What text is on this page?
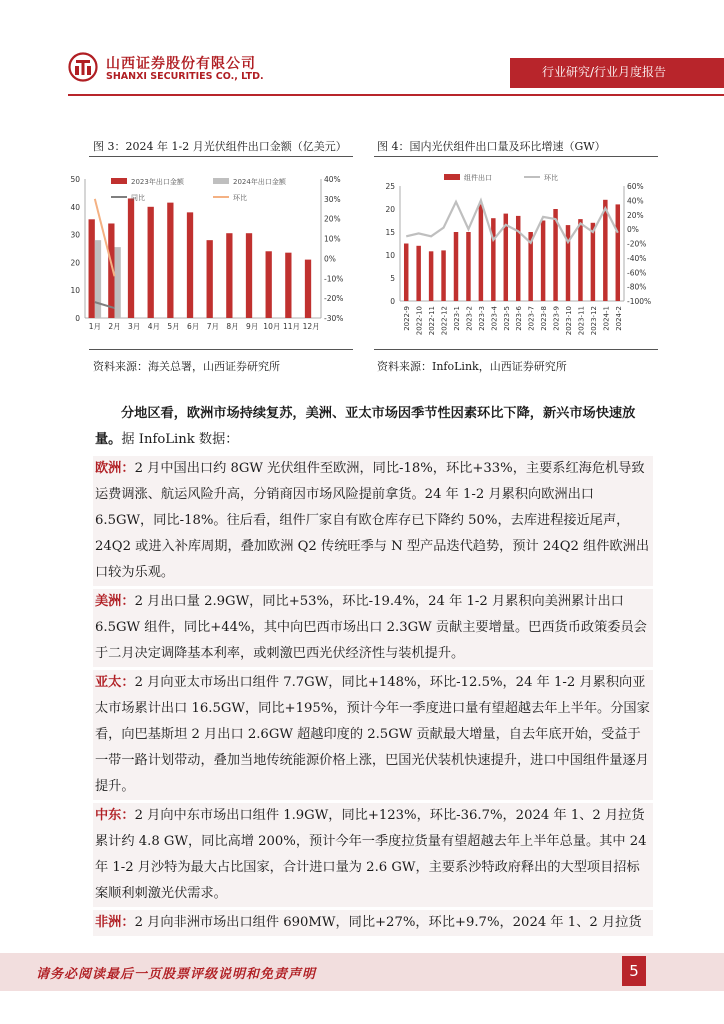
山西证券股份有限公司
SHANXI SECURITIES CO., LTD.	行业研究/行业月度报告
图 3：2024 年 1-2 月光伏组件出口金额（亿美元）
0
10
20
30
40
50
-30%
-20%
-10%
0%
10%
20%
30%
40%
1月 2月 3月 4月 5月 6月 7月 8月 9月 10月 11月 12月
2023年出口金额	2024年出口金额
同比	环比
资料来源：海关总署，山西证券研究所
图 4：国内光伏组件出口量及环比增速（GW）
0
5
10
15
20
25
-100%
-80%
-60%
-40%
-20%
0%
20%
40%
60%
2022-9 2022-10 2022-11 2022-12 2023-1 2023-2 2023-3 2023-4 2023-5 2023-6 2023-7 2023-8 2023-9 2023-10 2023-11 2023-12 2024-1 2024-2
组件出口	环比
资料来源：InfoLink，山西证券研究所
分地区看，欧洲市场持续复苏，美洲、亚太市场因季节性因素环比下降，新兴市场快速放量。据 InfoLink 数据：
欧洲：2 月中国出口约 8GW 光伏组件至欧洲，同比-18%，环比+33%，主要系红海危机导致运费调涨、航运风险升高，分销商因市场风险提前拿货。24 年 1-2 月累积向欧洲出口 6.5GW，同比-18%。往后看，组件厂家自有欧仓库存已下降约 50%，去库进程接近尾声，24Q2 或进入补库周期，叠加欧洲 Q2 传统旺季与 N 型产品迭代趋势，预计 24Q2 组件欧洲出口较为乐观。
美洲：2 月出口量 2.9GW，同比+53%，环比-19.4%，24 年 1-2 月累积向美洲累计出口 6.5GW 组件，同比+44%，其中向巴西市场出口 2.3GW 贡献主要增量。巴西货币政策委员会于二月决定调降基本利率，或刺激巴西光伏经济性与装机提升。
亚太：2 月向亚太市场出口组件 7.7GW，同比+148%，环比-12.5%，24 年 1-2 月累积向亚太市场累计出口 16.5GW，同比+195%，预计今年一季度进口量有望超越去年上半年。分国家看，向巴基斯坦 2 月出口 2.6GW 超越印度的 2.5GW 贡献最大增量，自去年底开始，受益于一带一路计划带动，叠加当地传统能源价格上涨，巴国光伏装机快速提升，进口中国组件量逐月提升。
中东：2 月向中东市场出口组件 1.9GW，同比+123%，环比-36.7%，2024 年 1、2 月拉货累计约 4.8 GW，同比高增 200%，预计今年一季度拉货量有望超越去年上半年总量。其中 24 年 1-2 月沙特为最大占比国家，合计进口量为 2.6 GW，主要系沙特政府释出的大型项目招标案顺利刺激光伏需求。
非洲：2 月向非洲市场出口组件 690MW，同比+27%，环比+9.7%，2024 年 1、2 月拉货
请务必阅读最后一页股票评级说明和免责声明	5
